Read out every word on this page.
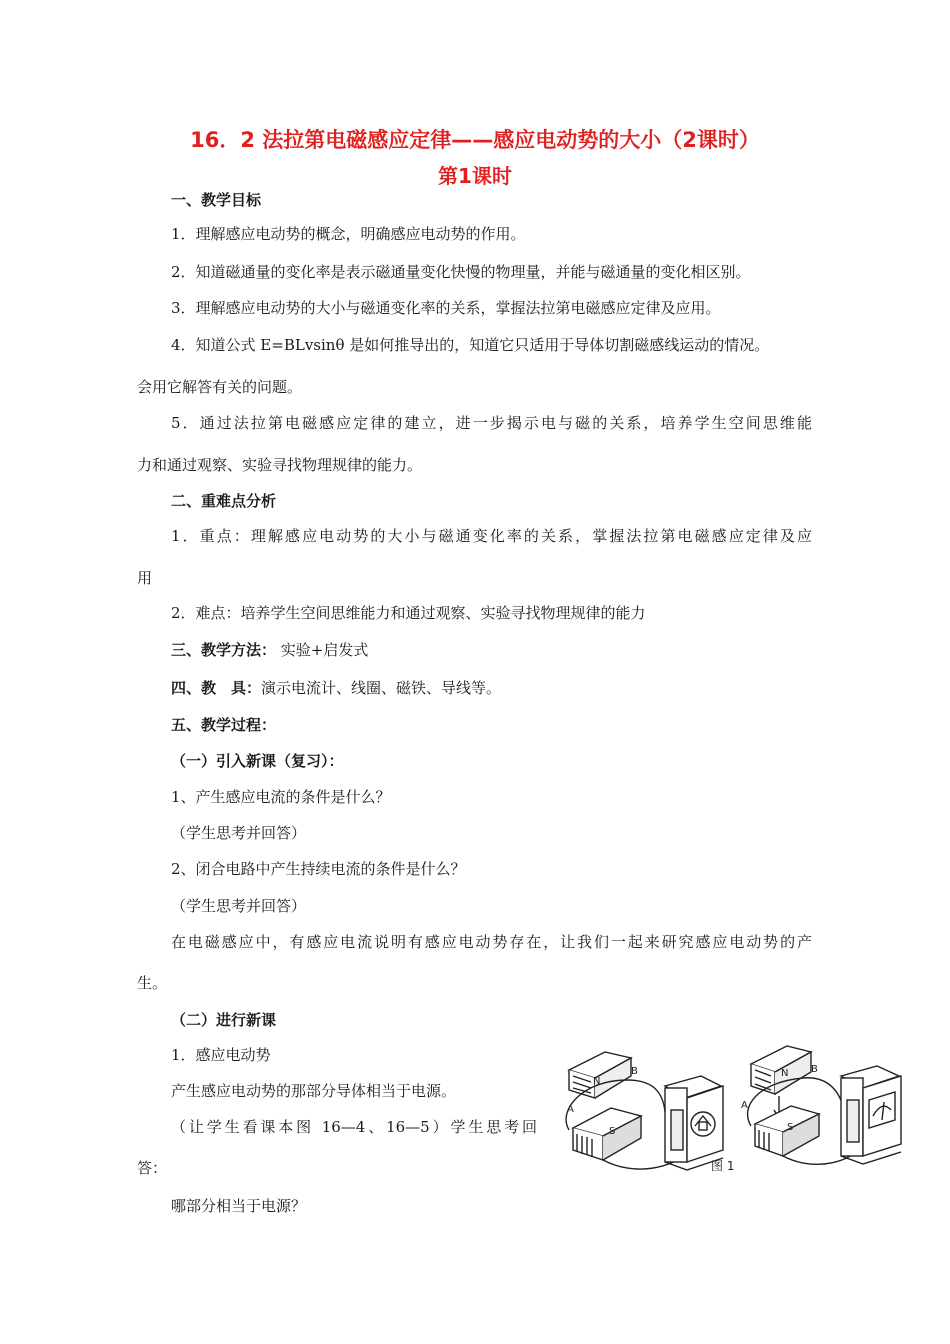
16．2 法拉第电磁感应定律——感应电动势的大小（2课时）
第1课时
一、教学目标
1．理解感应电动势的概念，明确感应电动势的作用。
2．知道磁通量的变化率是表示磁通量变化快慢的物理量，并能与磁通量的变化相区别。
3．理解感应电动势的大小与磁通变化率的关系，掌握法拉第电磁感应定律及应用。
4．知道公式 E=BLvsinθ 是如何推导出的，知道它只适用于导体切割磁感线运动的情况。
会用它解答有关的问题。
5．通过法拉第电磁感应定律的建立，进一步揭示电与磁的关系，培养学生空间思维能
力和通过观察、实验寻找物理规律的能力。
二、重难点分析
1．重点：理解感应电动势的大小与磁通变化率的关系，掌握法拉第电磁感应定律及应
用
2．难点：培养学生空间思维能力和通过观察、实验寻找物理规律的能力
三、教学方法： 实验+启发式
四、教　具：演示电流计、线圈、磁铁、导线等。
五、教学过程：
（一）引入新课（复习）：
1、产生感应电流的条件是什么？
（学生思考并回答）
2、闭合电路中产生持续电流的条件是什么？
（学生思考并回答）
在电磁感应中，有感应电流说明有感应电动势存在，让我们一起来研究感应电动势的产
生。
（二）进行新课
1．感应电动势
产生感应电动势的那部分导体相当于电源。
（让学生看课本图 16—4、16—5）学生思考回
答：
哪部分相当于电源？
N
S
A
B	N
S
A
B
图 1
